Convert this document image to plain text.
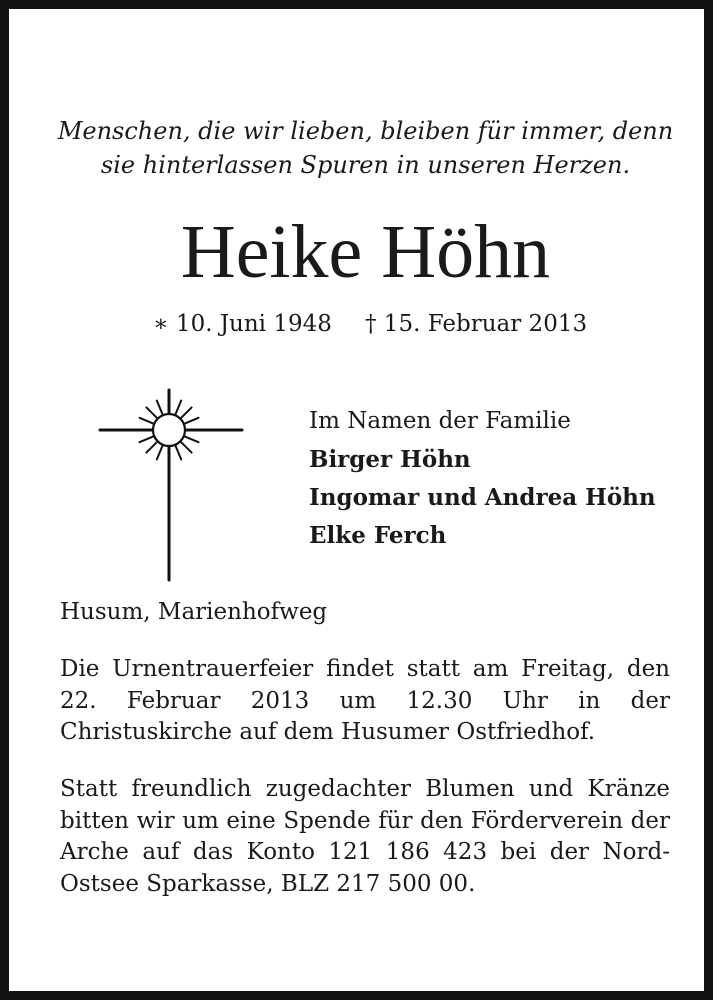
Menschen, die wir lieben, bleiben für immer, denn
sie hinterlassen Spuren in unseren Herzen.
Heike Höhn
∗ 10. Juni 1948 † 15. Februar 2013
Im Namen der Familie
Birger Höhn
Ingomar und Andrea Höhn
Elke Ferch
Husum, Marienhofweg
Die Urnentrauerfeier findet statt am Freitag, den 22. Februar 2013 um 12.30 Uhr in der Christuskirche auf dem Husumer Ostfriedhof.
Statt freundlich zugedachter Blumen und Kränze bitten wir um eine Spende für den Förderverein der Arche auf das Konto 121 186 423 bei der Nord-Ostsee Sparkasse, BLZ 217 500 00.
